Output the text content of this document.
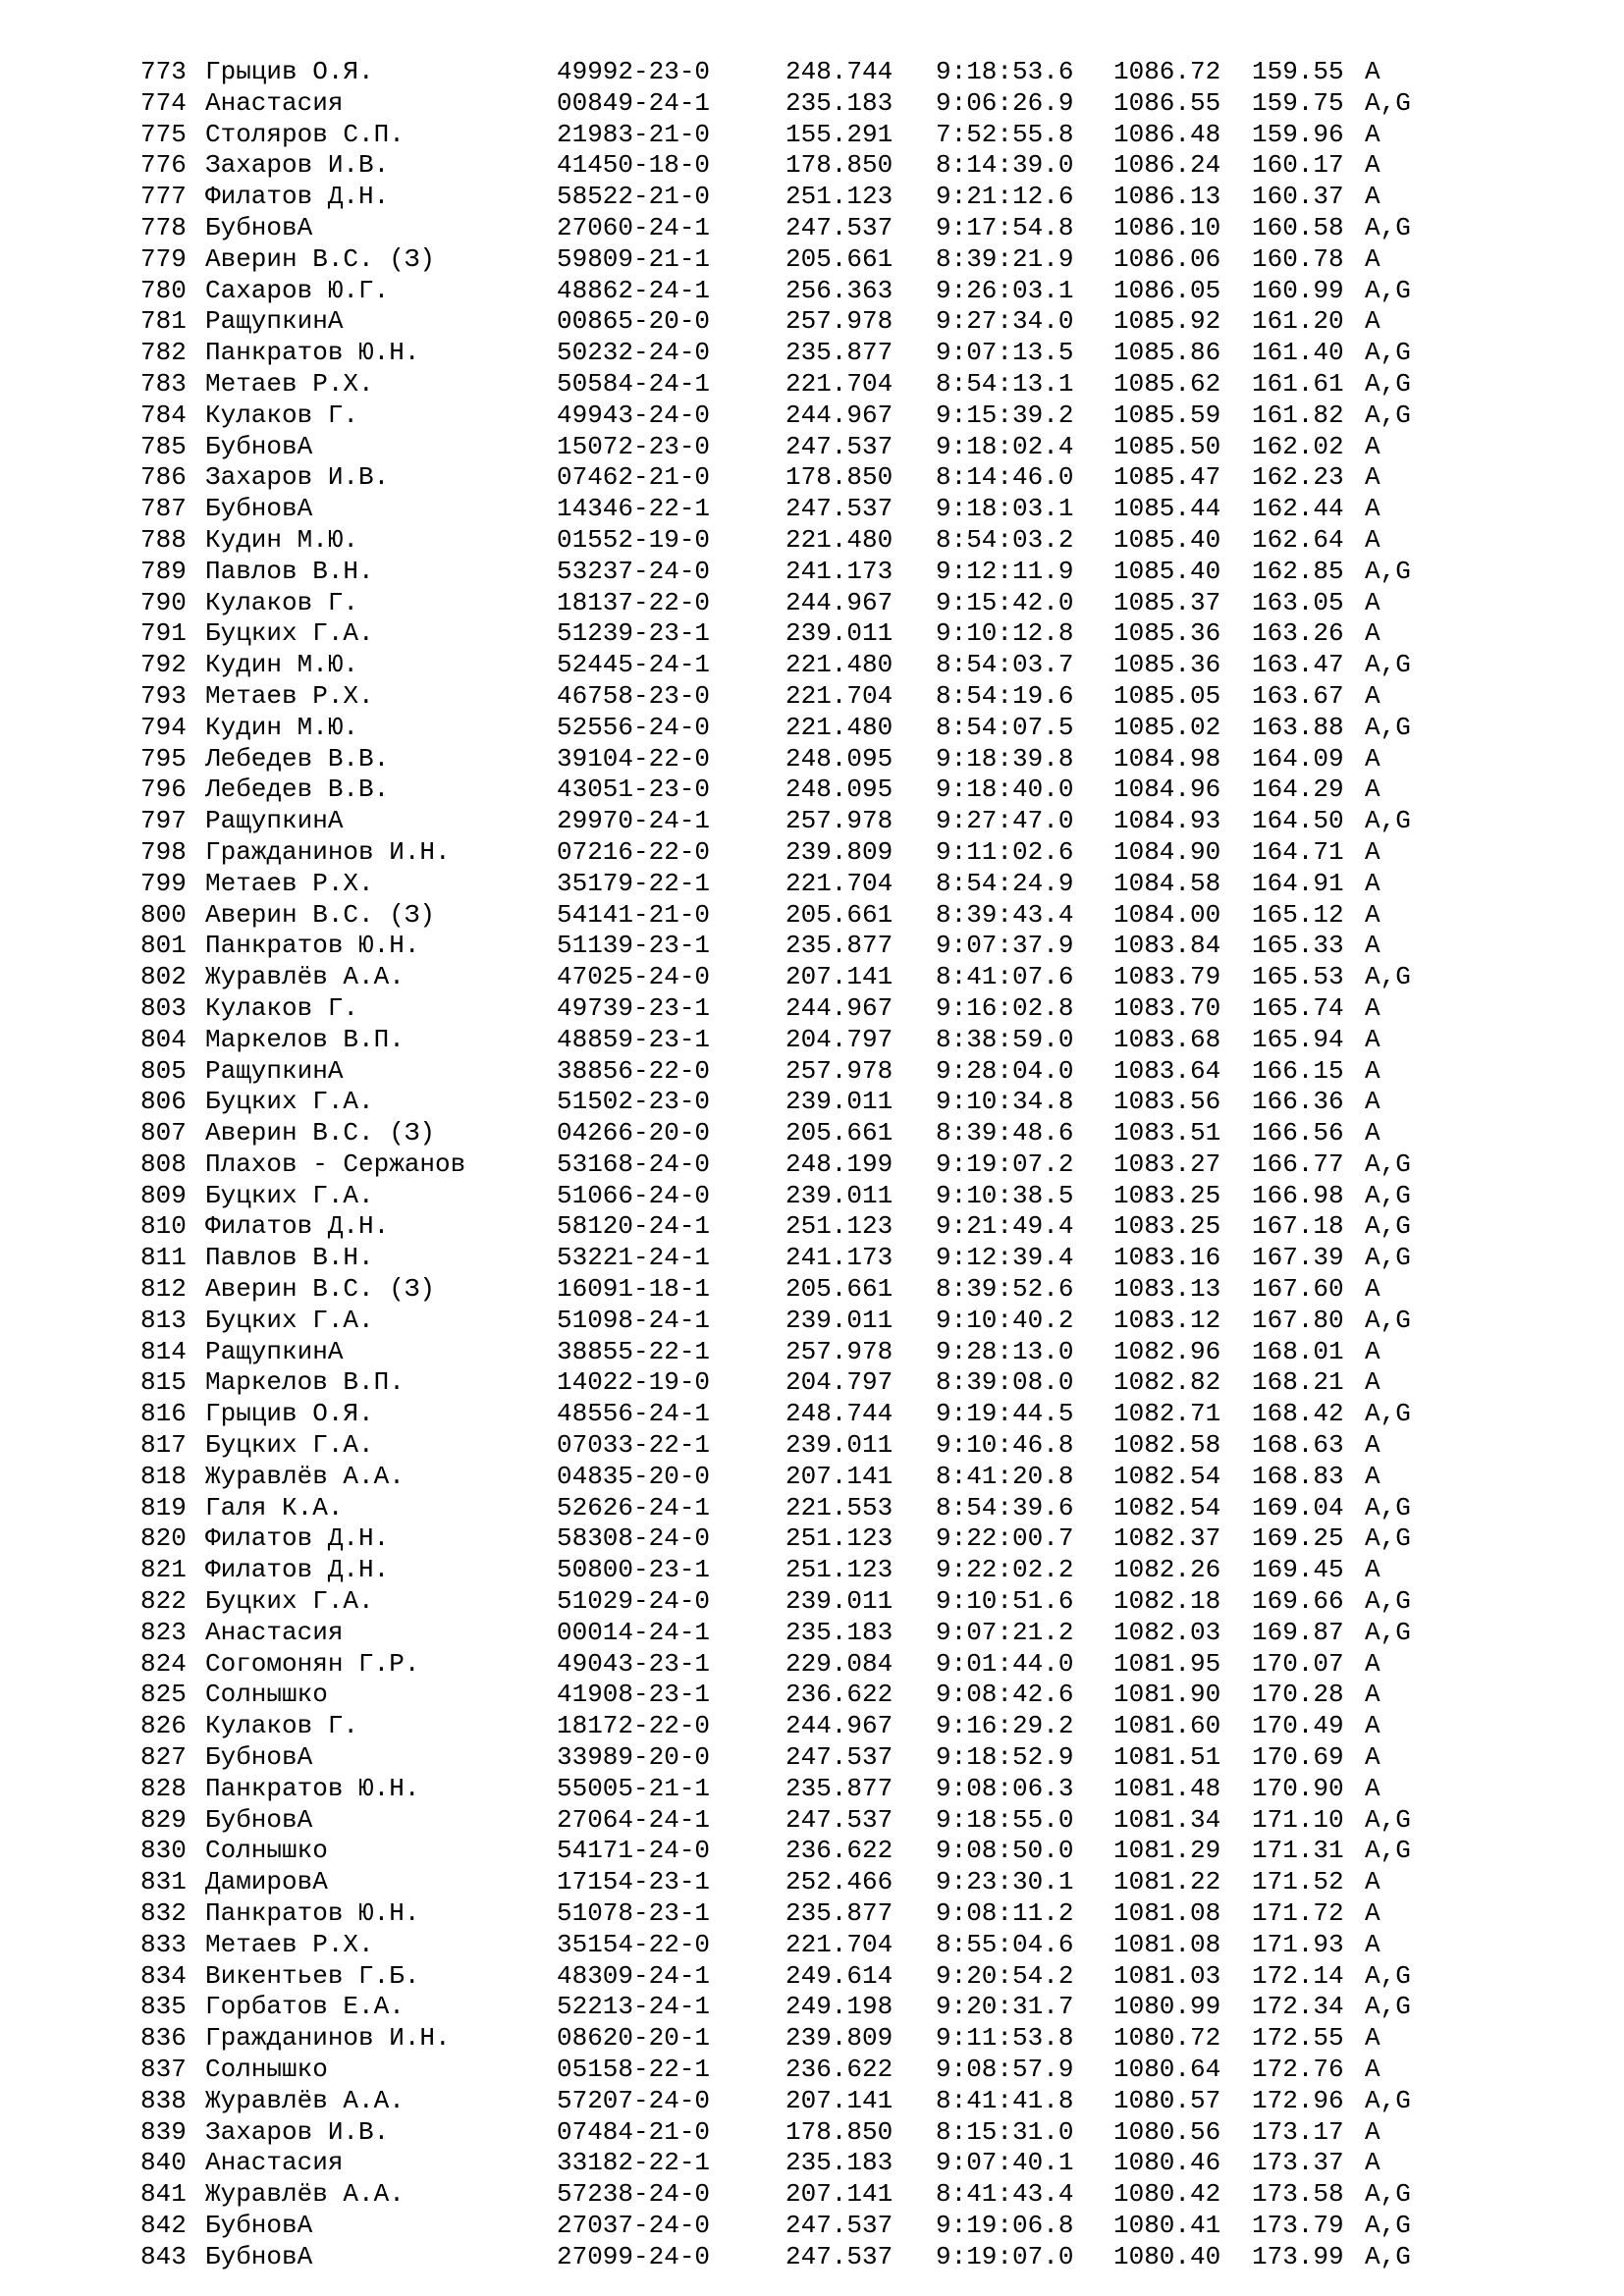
773 Грыцив О.Я.	49992-23-0	248.744 9:18:53.6 1086.72 159.55 A
774 Анастасия	00849-24-1	235.183 9:06:26.9 1086.55 159.75 A,G
775 Столяров С.П.	21983-21-0	155.291 7:52:55.8 1086.48 159.96 A
776 Захаров И.В.	41450-18-0	178.850 8:14:39.0 1086.24 160.17 A
777 Филатов Д.Н.	58522-21-0	251.123 9:21:12.6 1086.13 160.37 A
778 БубновА	27060-24-1	247.537 9:17:54.8 1086.10 160.58 A,G
779 Аверин В.С. (З)	59809-21-1	205.661 8:39:21.9 1086.06 160.78 A
780 Сахаров Ю.Г.	48862-24-1	256.363 9:26:03.1 1086.05 160.99 A,G
781 РащупкинА	00865-20-0	257.978 9:27:34.0 1085.92 161.20 A
782 Панкратов Ю.Н.	50232-24-0	235.877 9:07:13.5 1085.86 161.40 A,G
783 Метаев Р.Х.	50584-24-1	221.704 8:54:13.1 1085.62 161.61 A,G
784 Кулаков Г.	49943-24-0	244.967 9:15:39.2 1085.59 161.82 A,G
785 БубновА	15072-23-0	247.537 9:18:02.4 1085.50 162.02 A
786 Захаров И.В.	07462-21-0	178.850 8:14:46.0 1085.47 162.23 A
787 БубновА	14346-22-1	247.537 9:18:03.1 1085.44 162.44 A
788 Кудин М.Ю.	01552-19-0	221.480 8:54:03.2 1085.40 162.64 A
789 Павлов В.Н.	53237-24-0	241.173 9:12:11.9 1085.40 162.85 A,G
790 Кулаков Г.	18137-22-0	244.967 9:15:42.0 1085.37 163.05 A
791 Буцких Г.А.	51239-23-1	239.011 9:10:12.8 1085.36 163.26 A
792 Кудин М.Ю.	52445-24-1	221.480 8:54:03.7 1085.36 163.47 A,G
793 Метаев Р.Х.	46758-23-0	221.704 8:54:19.6 1085.05 163.67 A
794 Кудин М.Ю.	52556-24-0	221.480 8:54:07.5 1085.02 163.88 A,G
795 Лебедев В.В.	39104-22-0	248.095 9:18:39.8 1084.98 164.09 A
796 Лебедев В.В.	43051-23-0	248.095 9:18:40.0 1084.96 164.29 A
797 РащупкинА	29970-24-1	257.978 9:27:47.0 1084.93 164.50 A,G
798 Гражданинов И.Н.	07216-22-0	239.809 9:11:02.6 1084.90 164.71 A
799 Метаев Р.Х.	35179-22-1	221.704 8:54:24.9 1084.58 164.91 A
800 Аверин В.С. (З)	54141-21-0	205.661 8:39:43.4 1084.00 165.12 A
801 Панкратов Ю.Н.	51139-23-1	235.877 9:07:37.9 1083.84 165.33 A
802 Журавлёв А.А.	47025-24-0	207.141 8:41:07.6 1083.79 165.53 A,G
803 Кулаков Г.	49739-23-1	244.967 9:16:02.8 1083.70 165.74 A
804 Маркелов В.П.	48859-23-1	204.797 8:38:59.0 1083.68 165.94 A
805 РащупкинА	38856-22-0	257.978 9:28:04.0 1083.64 166.15 A
806 Буцких Г.А.	51502-23-0	239.011 9:10:34.8 1083.56 166.36 A
807 Аверин В.С. (З)	04266-20-0	205.661 8:39:48.6 1083.51 166.56 A
808 Плахов - Сержанов	53168-24-0	248.199 9:19:07.2 1083.27 166.77 A,G
809 Буцких Г.А.	51066-24-0	239.011 9:10:38.5 1083.25 166.98 A,G
810 Филатов Д.Н.	58120-24-1	251.123 9:21:49.4 1083.25 167.18 A,G
811 Павлов В.Н.	53221-24-1	241.173 9:12:39.4 1083.16 167.39 A,G
812 Аверин В.С. (З)	16091-18-1	205.661 8:39:52.6 1083.13 167.60 A
813 Буцких Г.А.	51098-24-1	239.011 9:10:40.2 1083.12 167.80 A,G
814 РащупкинА	38855-22-1	257.978 9:28:13.0 1082.96 168.01 A
815 Маркелов В.П.	14022-19-0	204.797 8:39:08.0 1082.82 168.21 A
816 Грыцив О.Я.	48556-24-1	248.744 9:19:44.5 1082.71 168.42 A,G
817 Буцких Г.А.	07033-22-1	239.011 9:10:46.8 1082.58 168.63 A
818 Журавлёв А.А.	04835-20-0	207.141 8:41:20.8 1082.54 168.83 A
819 Галя К.А.	52626-24-1	221.553 8:54:39.6 1082.54 169.04 A,G
820 Филатов Д.Н.	58308-24-0	251.123 9:22:00.7 1082.37 169.25 A,G
821 Филатов Д.Н.	50800-23-1	251.123 9:22:02.2 1082.26 169.45 A
822 Буцких Г.А.	51029-24-0	239.011 9:10:51.6 1082.18 169.66 A,G
823 Анастасия	00014-24-1	235.183 9:07:21.2 1082.03 169.87 A,G
824 Согомонян Г.Р.	49043-23-1	229.084 9:01:44.0 1081.95 170.07 A
825 Солнышко	41908-23-1	236.622 9:08:42.6 1081.90 170.28 A
826 Кулаков Г.	18172-22-0	244.967 9:16:29.2 1081.60 170.49 A
827 БубновА	33989-20-0	247.537 9:18:52.9 1081.51 170.69 A
828 Панкратов Ю.Н.	55005-21-1	235.877 9:08:06.3 1081.48 170.90 A
829 БубновА	27064-24-1	247.537 9:18:55.0 1081.34 171.10 A,G
830 Солнышко	54171-24-0	236.622 9:08:50.0 1081.29 171.31 A,G
831 ДамировА	17154-23-1	252.466 9:23:30.1 1081.22 171.52 A
832 Панкратов Ю.Н.	51078-23-1	235.877 9:08:11.2 1081.08 171.72 A
833 Метаев Р.Х.	35154-22-0	221.704 8:55:04.6 1081.08 171.93 A
834 Викентьев Г.Б.	48309-24-1	249.614 9:20:54.2 1081.03 172.14 A,G
835 Горбатов Е.А.	52213-24-1	249.198 9:20:31.7 1080.99 172.34 A,G
836 Гражданинов И.Н.	08620-20-1	239.809 9:11:53.8 1080.72 172.55 A
837 Солнышко	05158-22-1	236.622 9:08:57.9 1080.64 172.76 A
838 Журавлёв А.А.	57207-24-0	207.141 8:41:41.8 1080.57 172.96 A,G
839 Захаров И.В.	07484-21-0	178.850 8:15:31.0 1080.56 173.17 A
840 Анастасия	33182-22-1	235.183 9:07:40.1 1080.46 173.37 A
841 Журавлёв А.А.	57238-24-0	207.141 8:41:43.4 1080.42 173.58 A,G
842 БубновА	27037-24-0	247.537 9:19:06.8 1080.41 173.79 A,G
843 БубновА	27099-24-0	247.537 9:19:07.0 1080.40 173.99 A,G
